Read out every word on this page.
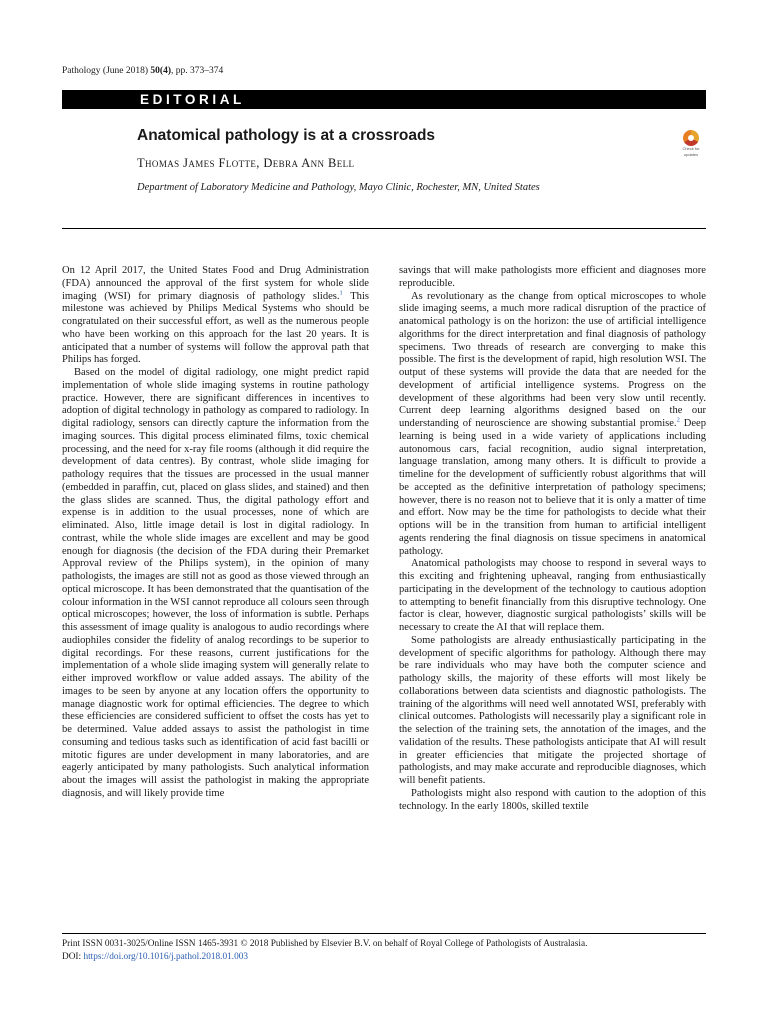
Pathology (June 2018) 50(4), pp. 373–374
EDITORIAL
Anatomical pathology is at a crossroads
Thomas James Flotte, Debra Ann Bell
Department of Laboratory Medicine and Pathology, Mayo Clinic, Rochester, MN, United States
Check for
updates

On 12 April 2017, the United States Food and Drug Administration (FDA) announced the approval of the first system for whole slide imaging (WSI) for primary diagnosis of pathology slides.$^1$ This milestone was achieved by Philips Medical Systems who should be congratulated on their successful effort, as well as the numerous people who have been working on this approach for the last 20 years. It is anticipated that a number of systems will follow the approval path that Philips has forged.

Based on the model of digital radiology, one might predict rapid implementation of whole slide imaging systems in routine pathology practice. However, there are significant differences in incentives to adoption of digital technology in pathology as compared to radiology. In digital radiology, sensors can directly capture the information from the imaging sources. This digital process eliminated films, toxic chemical processing, and the need for x-ray file rooms (although it did require the development of data centres). By contrast, whole slide imaging for pathology requires that the tissues are processed in the usual manner (embedded in paraffin, cut, placed on glass slides, and stained) and then the glass slides are scanned. Thus, the digital pathology effort and expense is in addition to the usual processes, none of which are eliminated. Also, little image detail is lost in digital radiology. In contrast, while the whole slide images are excellent and may be good enough for diagnosis (the decision of the FDA during their Premarket Approval review of the Philips system), in the opinion of many pathologists, the images are still not as good as those viewed through an optical microscope. It has been demonstrated that the quantisation of the colour information in the WSI cannot reproduce all colours seen through optical microscopes; however, the loss of information is subtle. Perhaps this assessment of image quality is analogous to audio recordings where audiophiles consider the fidelity of analog recordings to be superior to digital recordings. For these reasons, current justifications for the implementation of a whole slide imaging system will generally relate to either improved workflow or value added assays. The ability of the images to be seen by anyone at any location offers the opportunity to manage diagnostic work for optimal efficiencies. The degree to which these efficiencies are considered sufficient to offset the costs has yet to be determined. Value added assays to assist the pathologist in time consuming and tedious tasks such as identification of acid fast bacilli or mitotic figures are under development in many laboratories, and are eagerly anticipated by many pathologists. Such analytical information about the images will assist the pathologist in making the appropriate diagnosis, and will likely provide time

savings that will make pathologists more efficient and diagnoses more reproducible.

As revolutionary as the change from optical microscopes to whole slide imaging seems, a much more radical disruption of the practice of anatomical pathology is on the horizon: the use of artificial intelligence algorithms for the direct interpretation and final diagnosis of pathology specimens. Two threads of research are converging to make this possible. The first is the development of rapid, high resolution WSI. The output of these systems will provide the data that are needed for the development of artificial intelligence systems. Progress on the development of these algorithms had been very slow until recently. Current deep learning algorithms designed based on the our understanding of neuroscience are showing substantial promise.$^2$ Deep learning is being used in a wide variety of applications including autonomous cars, facial recognition, audio signal interpretation, language translation, among many others. It is difficult to provide a timeline for the development of sufficiently robust algorithms that will be accepted as the definitive interpretation of pathology specimens; however, there is no reason not to believe that it is only a matter of time and effort. Now may be the time for pathologists to decide what their options will be in the transition from human to artificial intelligent agents rendering the final diagnosis on tissue specimens in anatomical pathology.

Anatomical pathologists may choose to respond in several ways to this exciting and frightening upheaval, ranging from enthusiastically participating in the development of the technology to cautious adoption to attempting to benefit financially from this disruptive technology. One factor is clear, however, diagnostic surgical pathologists’ skills will be necessary to create the AI that will replace them.

Some pathologists are already enthusiastically participating in the development of specific algorithms for pathology. Although there may be rare individuals who may have both the computer science and pathology skills, the majority of these efforts will most likely be collaborations between data scientists and diagnostic pathologists. The training of the algorithms will need well annotated WSI, preferably with clinical outcomes. Pathologists will necessarily play a significant role in the selection of the training sets, the annotation of the images, and the validation of the results. These pathologists anticipate that AI will result in greater efficiencies that mitigate the projected shortage of pathologists, and may make accurate and reproducible diagnoses, which will benefit patients.

Pathologists might also respond with caution to the adoption of this technology. In the early 1800s, skilled textile

Print ISSN 0031-3025/Online ISSN 1465-3931 © 2018 Published by Elsevier B.V. on behalf of Royal College of Pathologists of Australasia.
DOI: https://doi.org/10.1016/j.pathol.2018.01.003
